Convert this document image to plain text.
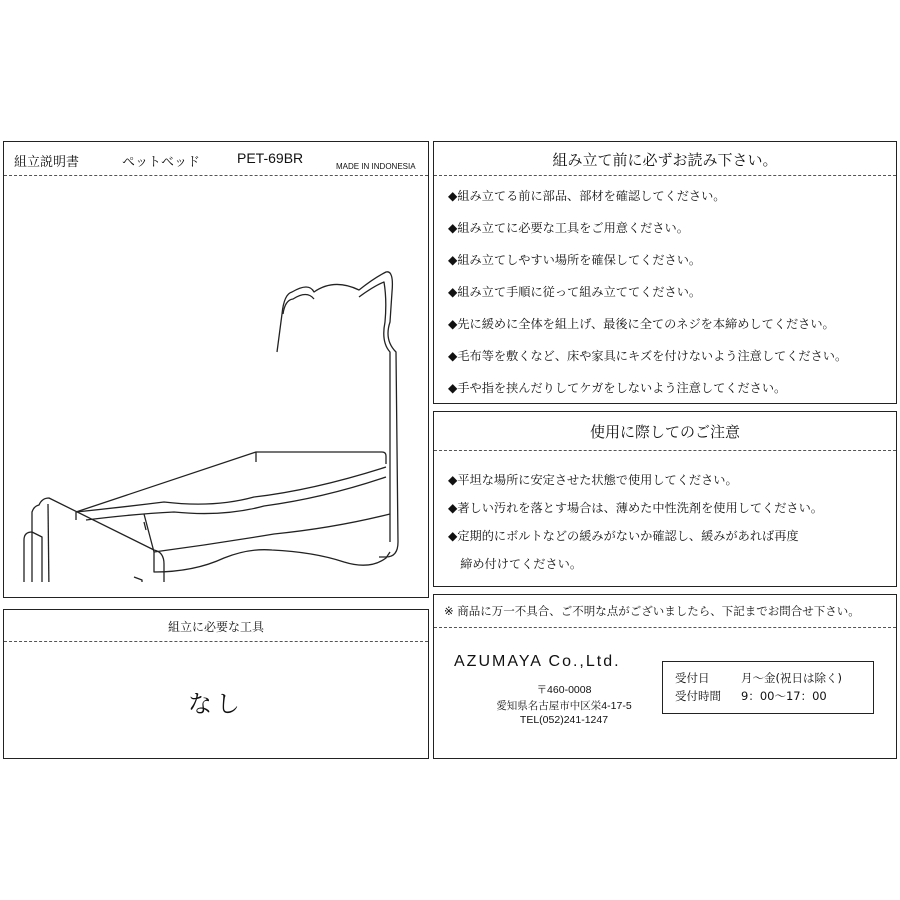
組立説明書	ペットベッド	PET-69BR
MADE IN INDONESIA
組立に必要な工具
なし
組み立て前に必ずお読み下さい。
◆組み立てる前に部品、部材を確認してください。
◆組み立てに必要な工具をご用意ください。
◆組み立てしやすい場所を確保してください。
◆組み立て手順に従って組み立ててください。
◆先に緩めに全体を組上げ、最後に全てのネジを本締めしてください。
◆毛布等を敷くなど、床や家具にキズを付けないよう注意してください。
◆手や指を挟んだりしてケガをしないよう注意してください。
使用に際してのご注意
◆平坦な場所に安定させた状態で使用してください。
◆著しい汚れを落とす場合は、薄めた中性洗剤を使用してください。
◆定期的にボルトなどの緩みがないか確認し、緩みがあれば再度
　締め付けてください。
※ 商品に万一不具合、ご不明な点がございましたら、下記までお問合せ下さい。
AZUMAYA Co.,Ltd.
〒460-0008
愛知県名古屋市中区栄4-17-5
TEL(052)241-1247
受付日	月～金(祝日は除く)
受付時間 9：00～17：00
